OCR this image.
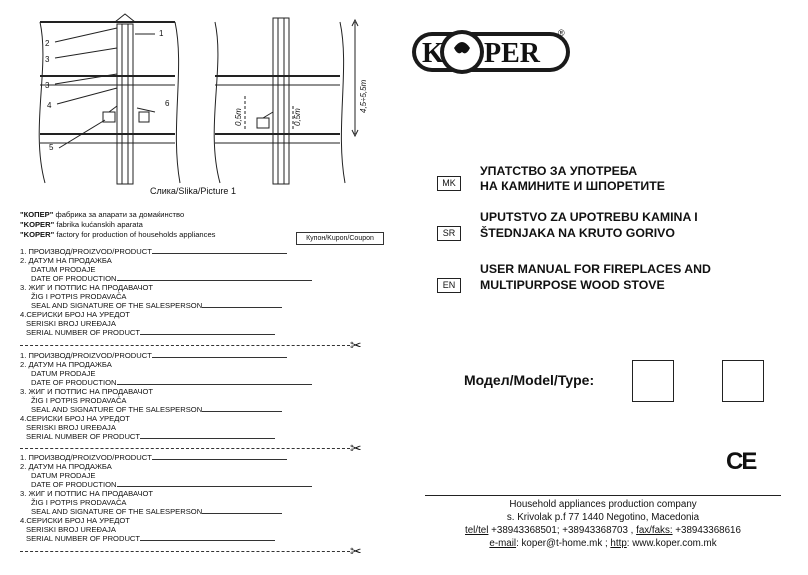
1
2
3
3
4
5
6
0,5m
4,5÷5,5m
0,5m
Слика/Slika/Picture 1
"КОПЕР" фабрика за апарати за домаќинство
"KOPER" fabrika kućanskih aparata
"KOPER" factory for production of households appliances	Купон/Kupon/Coupon
1. ПРОИЗВОД/PROIZVOD/PRODUCT
2. ДАТУМ НА ПРОДАЖБА
DATUM PRODAJE
DATE OF PRODUCTION
3. ЖИГ И ПОТПИС НА ПРОДАВАЧОТ
ŽIG I POTPIS PRODAVAČA
SEAL AND SIGNATURE OF THE SALESPERSON
4.СЕРИСКИ БРОЈ НА УРЕДОТ
SERISKI BROJ UREĐAJA
SERIAL NUMBER OF PRODUCT
✂
1. ПРОИЗВОД/PROIZVOD/PRODUCT
2. ДАТУМ НА ПРОДАЖБА
DATUM PRODAJE
DATE OF PRODUCTION
3. ЖИГ И ПОТПИС НА ПРОДАВАЧОТ
ŽIG I POTPIS PRODAVAČA
SEAL AND SIGNATURE OF THE SALESPERSON
4.СЕРИСКИ БРОЈ НА УРЕДОТ
SERISKI BROJ UREĐAJA
SERIAL NUMBER OF PRODUCT
✂
1. ПРОИЗВОД/PROIZVOD/PRODUCT
2. ДАТУМ НА ПРОДАЖБА
DATUM PRODAJE
DATE OF PRODUCTION
3. ЖИГ И ПОТПИС НА ПРОДАВАЧОТ
ŽIG I POTPIS PRODAVAČA
SEAL AND SIGNATURE OF THE SALESPERSON
4.СЕРИСКИ БРОЈ НА УРЕДОТ
SERISKI BROJ UREĐAJA
SERIAL NUMBER OF PRODUCT
✂
K PER
®
MK
УПАТСТВО ЗА УПОТРЕБА
НА КАМИНИТЕ И ШПОРЕТИТЕ
SR
UPUTSTVO ZA UPOTREBU KAMINA I
ŠTEDNJAKA NA KRUTO GORIVO
EN
USER MANUAL FOR FIREPLACES AND
MULTIPURPOSE WOOD STOVE
Модел/Model/Type:
CE
Household appliances production company
s. Krivolak p.f 77 1440 Negotino, Macedonia
tel/tel +38943368501; +38943368703 , fax/faks: +38943368616
e-mail: koper@t-home.mk ; http: www.koper.com.mk
